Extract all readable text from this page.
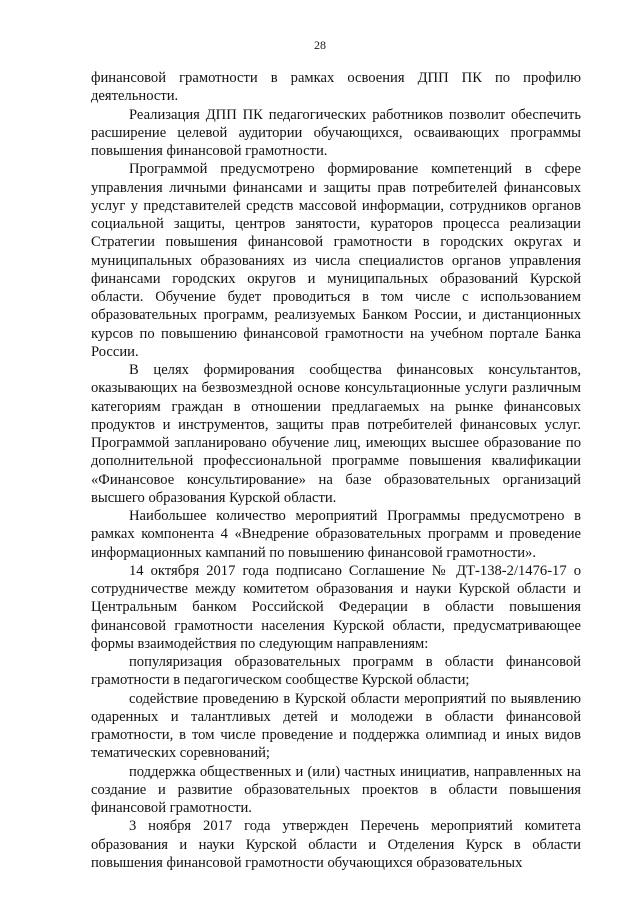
28

финансовой грамотности в рамках освоения ДПП ПК по профилю деятельности.

Реализация ДПП ПК педагогических работников позволит обеспечить расширение целевой аудитории обучающихся, осваивающих программы повышения финансовой грамотности.

Программой предусмотрено формирование компетенций в сфере управления личными финансами и защиты прав потребителей финансовых услуг у представителей средств массовой информации, сотрудников органов социальной защиты, центров занятости, кураторов процесса реализации Стратегии повышения финансовой грамотности в городских округах и муниципальных образованиях из числа специалистов органов управления финансами городских округов и муниципальных образований Курской области. Обучение будет проводиться в том числе с использованием образовательных программ, реализуемых Банком России, и дистанционных курсов по повышению финансовой грамотности на учебном портале Банка России.

В целях формирования сообщества финансовых консультантов, оказывающих на безвозмездной основе консультационные услуги различным категориям граждан в отношении предлагаемых на рынке финансовых продуктов и инструментов, защиты прав потребителей финансовых услуг. Программой запланировано обучение лиц, имеющих высшее образование по дополнительной профессиональной программе повышения квалификации «Финансовое консультирование» на базе образовательных организаций высшего образования Курской области.

Наибольшее количество мероприятий Программы предусмотрено в рамках компонента 4 «Внедрение образовательных программ и проведение информационных кампаний по повышению финансовой грамотности».

14 октября 2017 года подписано Соглашение № ДТ-138-2/1476-17 о сотрудничестве между комитетом образования и науки Курской области и Центральным банком Российской Федерации в области повышения финансовой грамотности населения Курской области, предусматривающее формы взаимодействия по следующим направлениям:

популяризация образовательных программ в области финансовой грамотности в педагогическом сообществе Курской области;

содействие проведению в Курской области мероприятий по выявлению одаренных и талантливых детей и молодежи в области финансовой грамотности, в том числе проведение и поддержка олимпиад и иных видов тематических соревнований;

поддержка общественных и (или) частных инициатив, направленных на создание и развитие образовательных проектов в области повышения финансовой грамотности.

3 ноября 2017 года утвержден Перечень мероприятий комитета образования и науки Курской области и Отделения Курск в области повышения финансовой грамотности обучающихся образовательных
